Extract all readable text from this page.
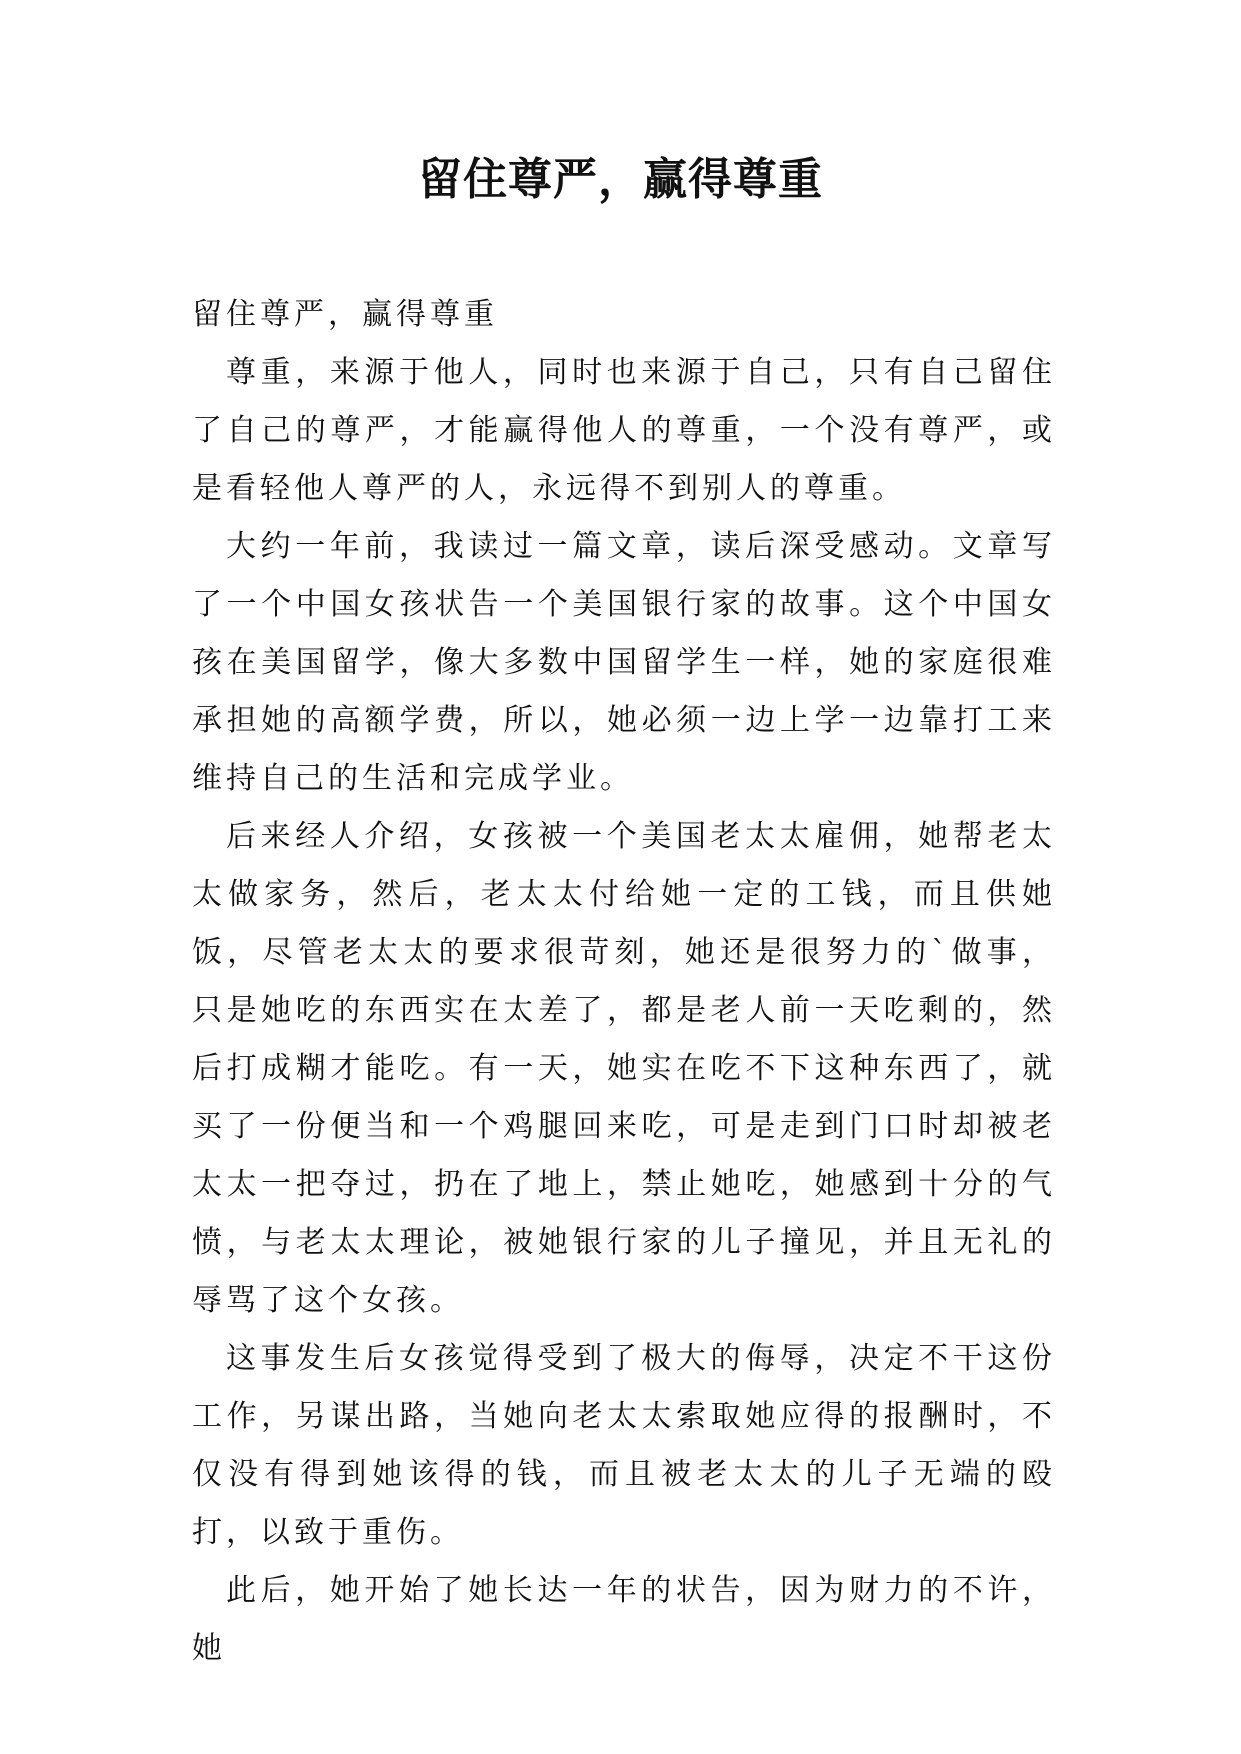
留住尊严，赢得尊重

留住尊严，赢得尊重

尊重，来源于他人，同时也来源于自己，只有自己留住了自己的尊严，才能赢得他人的尊重，一个没有尊严，或是看轻他人尊严的人，永远得不到别人的尊重。

大约一年前，我读过一篇文章，读后深受感动。文章写了一个中国女孩状告一个美国银行家的故事。这个中国女孩在美国留学，像大多数中国留学生一样，她的家庭很难承担她的高额学费，所以，她必须一边上学一边靠打工来维持自己的生活和完成学业。

后来经人介绍，女孩被一个美国老太太雇佣，她帮老太太做家务，然后，老太太付给她一定的工钱，而且供她饭，尽管老太太的要求很苛刻，她还是很努力的`做事，只是她吃的东西实在太差了，都是老人前一天吃剩的，然后打成糊才能吃。有一天，她实在吃不下这种东西了，就买了一份便当和一个鸡腿回来吃，可是走到门口时却被老太太一把夺过，扔在了地上，禁止她吃，她感到十分的气愤，与老太太理论，被她银行家的儿子撞见，并且无礼的辱骂了这个女孩。

这事发生后女孩觉得受到了极大的侮辱，决定不干这份工作，另谋出路，当她向老太太索取她应得的报酬时，不仅没有得到她该得的钱，而且被老太太的儿子无端的殴打，以致于重伤。

此后，她开始了她长达一年的状告，因为财力的不许，她
